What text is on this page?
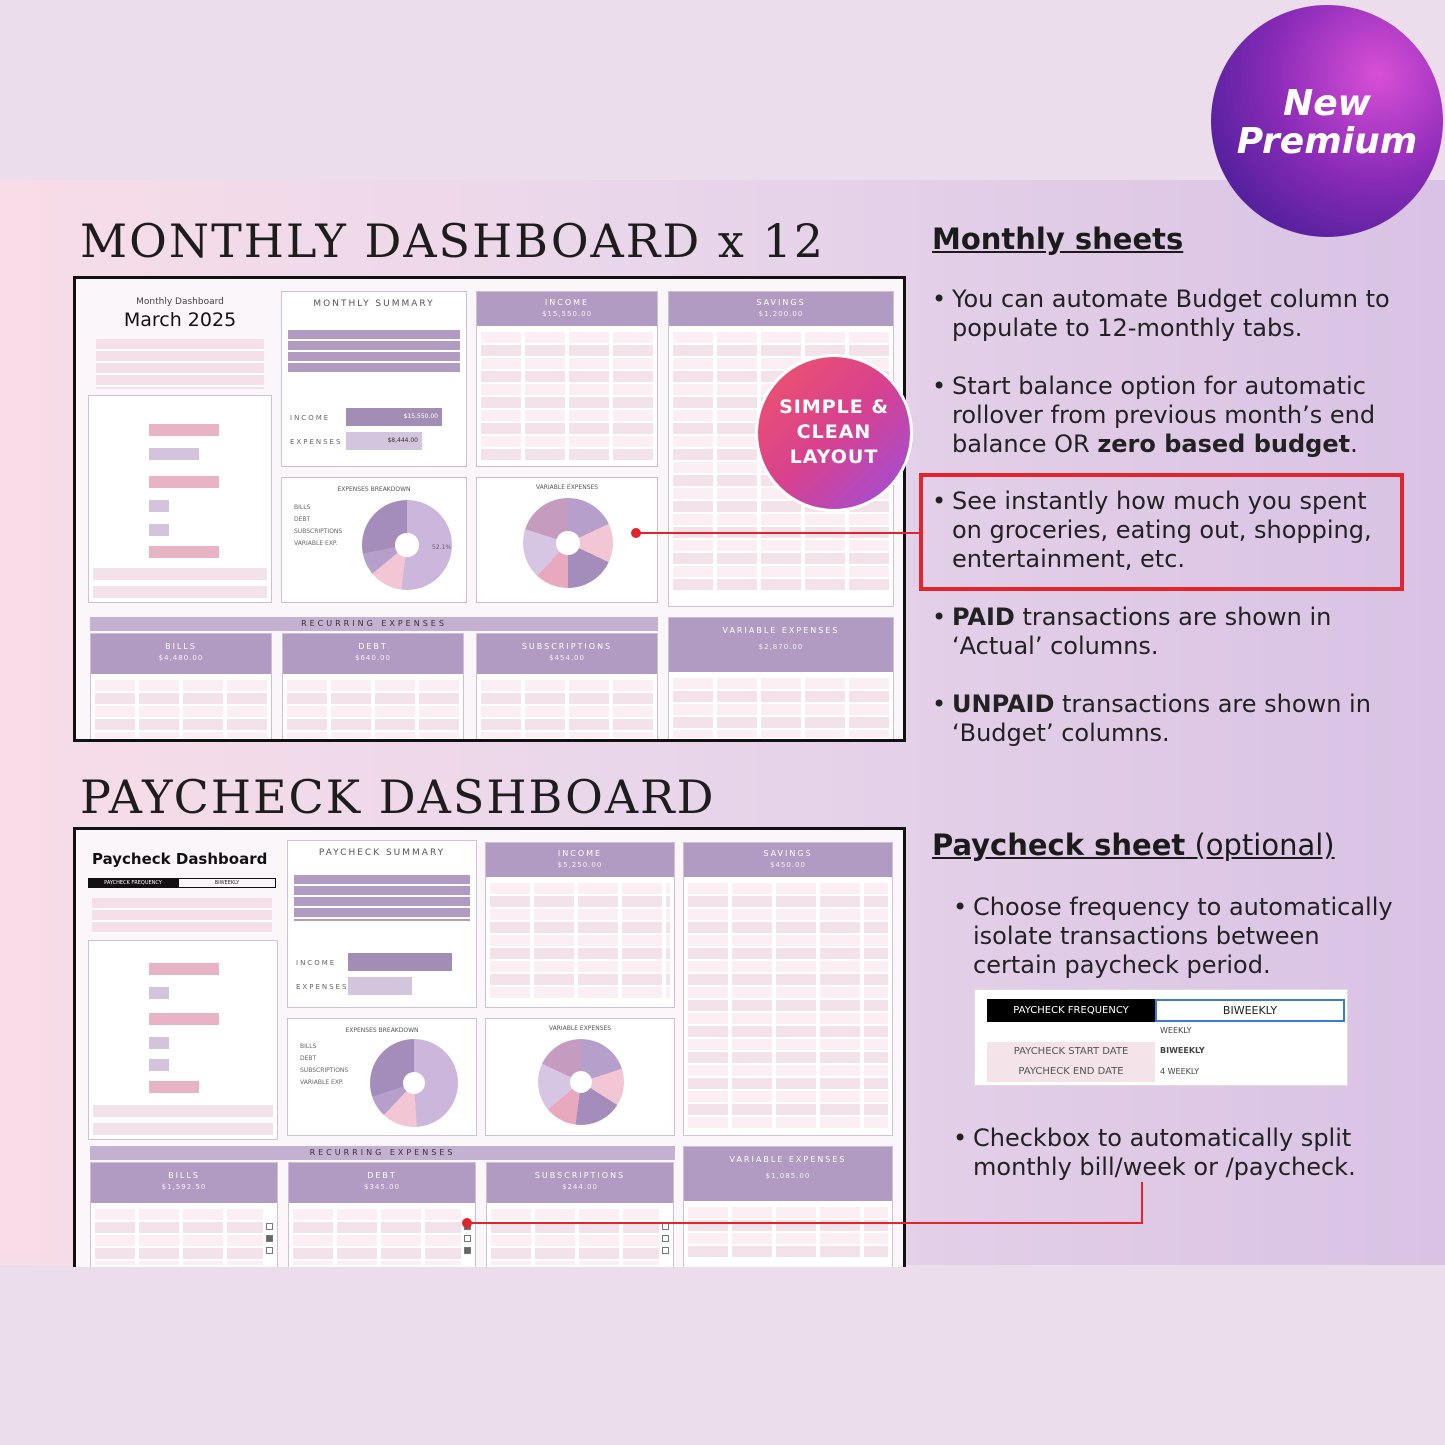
New
Premium
MONTHLY DASHBOARD x 12
Monthly Dashboard
March 2025
MONTHLY SUMMARY
INCOME
EXPENSES
$15,550.00
$8,444.00
INCOME
$15,550.00
SAVINGS
$1,200.00
EXPENSES BREAKDOWN
BILLS
DEBT
SUBSCRIPTIONS
VARIABLE EXP.
52.1%
VARIABLE EXPENSES
RECURRING EXPENSES
BILLS
$4,480.00
DEBT
$640.00
SUBSCRIPTIONS
$454.00
VARIABLE EXPENSES
$2,870.00
SIMPLE &
CLEAN
LAYOUT
PAYCHECK DASHBOARD
Paycheck Dashboard
PAYCHECK FREQUENCY	BIWEEKLY
PAYCHECK SUMMARY
INCOME
EXPENSES
INCOME
$5,250.00
SAVINGS
$450.00
EXPENSES BREAKDOWN
BILLS
DEBT
SUBSCRIPTIONS
VARIABLE EXP.
VARIABLE EXPENSES
RECURRING EXPENSES
BILLS
$1,592.50
DEBT
$345.00
SUBSCRIPTIONS
$244.00
VARIABLE EXPENSES
$1,085.00
Monthly sheets
• You can automate Budget column to populate to 12-monthly tabs.
• Start balance option for automatic rollover from previous month’s end balance OR zero based budget.
• See instantly how much you spent on groceries, eating out, shopping, entertainment, etc.
• PAID transactions are shown in ‘Actual’ columns.
• UNPAID transactions are shown in ‘Budget’ columns.
Paycheck sheet (optional)
• Choose frequency to automatically isolate transactions between certain paycheck period.
PAYCHECK FREQUENCY	BIWEEKLY
WEEKLY
BIWEEKLY
4 WEEKLY
PAYCHECK START DATE
PAYCHECK END DATE
• Checkbox to automatically split monthly bill/week or /paycheck.
